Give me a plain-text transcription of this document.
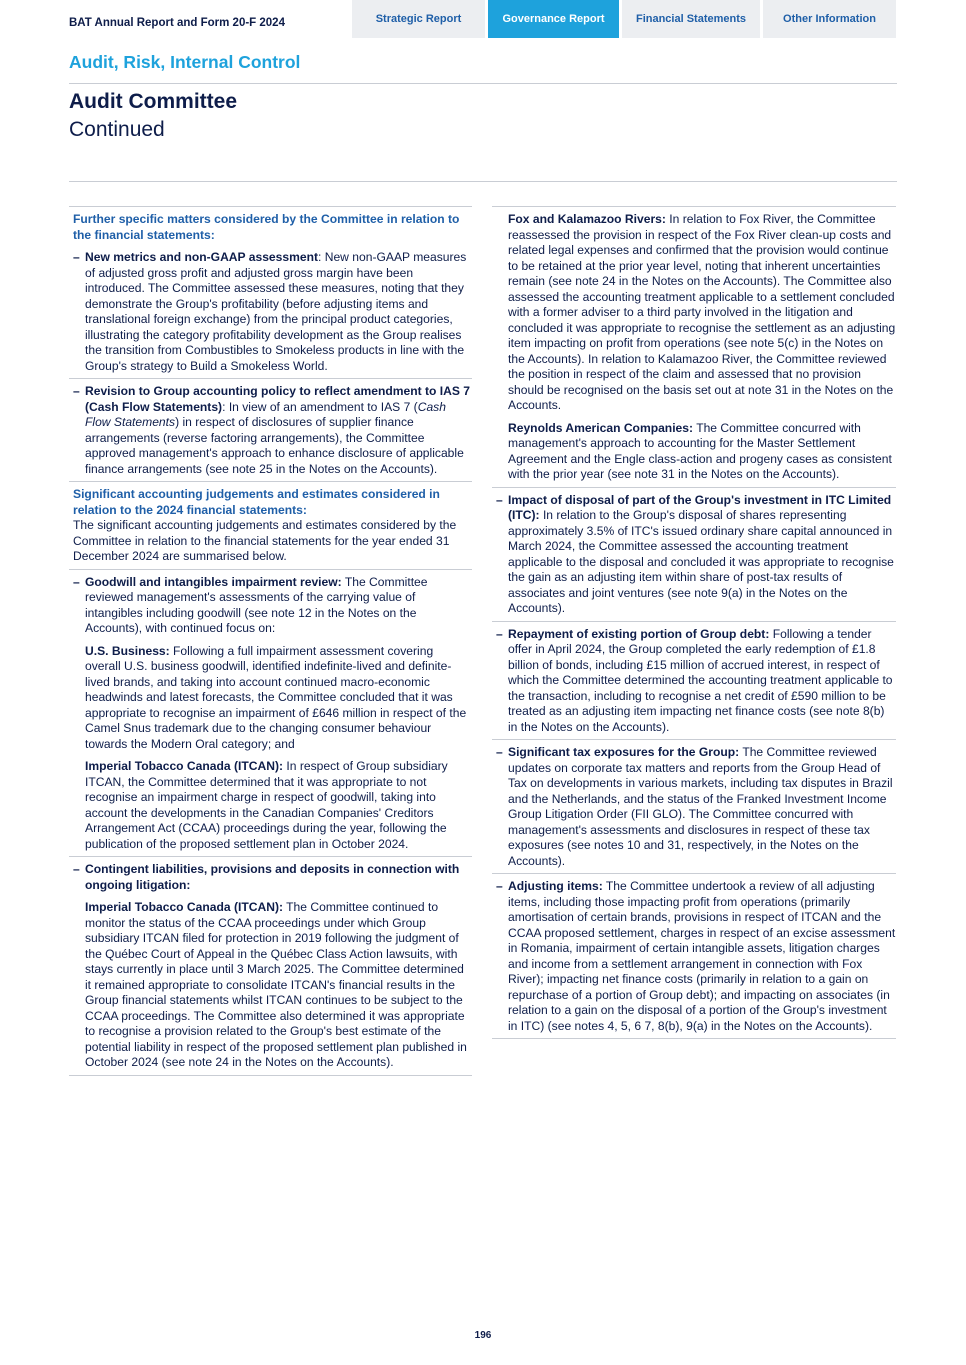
BAT Annual Report and Form 20-F 2024	Strategic Report	Governance Report	Financial Statements	Other Information
Audit, Risk, Internal Control
Audit Committee
Continued
Further specific matters considered by the Committee in relation to the financial statements:
– New metrics and non-GAAP assessment: New non-GAAP measures of adjusted gross profit and adjusted gross margin have been introduced. The Committee assessed these measures, noting that they demonstrate the Group's profitability (before adjusting items and translational foreign exchange) from the principal product categories, illustrating the category profitability development as the Group realises the transition from Combustibles to Smokeless products in line with the Group's strategy to Build a Smokeless World.
– Revision to Group accounting policy to reflect amendment to IAS 7 (Cash Flow Statements): In view of an amendment to IAS 7 (Cash Flow Statements) in respect of disclosures of supplier finance arrangements (reverse factoring arrangements), the Committee approved management's approach to enhance disclosure of applicable finance arrangements (see note 25 in the Notes on the Accounts).
Significant accounting judgements and estimates considered in relation to the 2024 financial statements:
The significant accounting judgements and estimates considered by the Committee in relation to the financial statements for the year ended 31 December 2024 are summarised below.
– Goodwill and intangibles impairment review: The Committee reviewed management's assessments of the carrying value of intangibles including goodwill (see note 12 in the Notes on the Accounts), with continued focus on:
U.S. Business: Following a full impairment assessment covering overall U.S. business goodwill, identified indefinite-lived and definite-lived brands, and taking into account continued macro-economic headwinds and latest forecasts, the Committee concluded that it was appropriate to recognise an impairment of £646 million in respect of the Camel Snus trademark due to the changing consumer behaviour towards the Modern Oral category; and
Imperial Tobacco Canada (ITCAN): In respect of Group subsidiary ITCAN, the Committee determined that it was appropriate to not recognise an impairment charge in respect of goodwill, taking into account the developments in the Canadian Companies' Creditors Arrangement Act (CCAA) proceedings during the year, following the publication of the proposed settlement plan in October 2024.
– Contingent liabilities, provisions and deposits in connection with ongoing litigation:
Imperial Tobacco Canada (ITCAN): The Committee continued to monitor the status of the CCAA proceedings under which Group subsidiary ITCAN filed for protection in 2019 following the judgment of the Québec Court of Appeal in the Québec Class Action lawsuits, with stays currently in place until 3 March 2025. The Committee determined it remained appropriate to consolidate ITCAN's financial results in the Group financial statements whilst ITCAN continues to be subject to the CCAA proceedings. The Committee also determined it was appropriate to recognise a provision related to the Group's best estimate of the potential liability in respect of the proposed settlement plan published in October 2024 (see note 24 in the Notes on the Accounts).
Fox and Kalamazoo Rivers: In relation to Fox River, the Committee reassessed the provision in respect of the Fox River clean-up costs and related legal expenses and confirmed that the provision would continue to be retained at the prior year level, noting that inherent uncertainties remain (see note 24 in the Notes on the Accounts). The Committee also assessed the accounting treatment applicable to a settlement concluded with a former adviser to a third party involved in the litigation and concluded it was appropriate to recognise the settlement as an adjusting item impacting on profit from operations (see note 5(c) in the Notes on the Accounts). In relation to Kalamazoo River, the Committee reviewed the position in respect of the claim and assessed that no provision should be recognised on the basis set out at note 31 in the Notes on the Accounts.
Reynolds American Companies: The Committee concurred with management's approach to accounting for the Master Settlement Agreement and the Engle class-action and progeny cases as consistent with the prior year (see note 31 in the Notes on the Accounts).
– Impact of disposal of part of the Group's investment in ITC Limited (ITC): In relation to the Group's disposal of shares representing approximately 3.5% of ITC's issued ordinary share capital announced in March 2024, the Committee assessed the accounting treatment applicable to the disposal and concluded it was appropriate to recognise the gain as an adjusting item within share of post-tax results of associates and joint ventures (see note 9(a) in the Notes on the Accounts).
– Repayment of existing portion of Group debt: Following a tender offer in April 2024, the Group completed the early redemption of £1.8 billion of bonds, including £15 million of accrued interest, in respect of which the Committee determined the accounting treatment applicable to the transaction, including to recognise a net credit of £590 million to be treated as an adjusting item impacting net finance costs (see note 8(b) in the Notes on the Accounts).
– Significant tax exposures for the Group: The Committee reviewed updates on corporate tax matters and reports from the Group Head of Tax on developments in various markets, including tax disputes in Brazil and the Netherlands, and the status of the Franked Investment Income Group Litigation Order (FII GLO). The Committee concurred with management's assessments and disclosures in respect of these tax exposures (see notes 10 and 31, respectively, in the Notes on the Accounts).
– Adjusting items: The Committee undertook a review of all adjusting items, including those impacting profit from operations (primarily amortisation of certain brands, provisions in respect of ITCAN and the CCAA proposed settlement, charges in respect of an excise assessment in Romania, impairment of certain intangible assets, litigation charges and income from a settlement arrangement in connection with Fox River); impacting net finance costs (primarily in relation to a gain on repurchase of a portion of Group debt); and impacting on associates (in relation to a gain on the disposal of a portion of the Group's investment in ITC) (see notes 4, 5, 6 7, 8(b), 9(a) in the Notes on the Accounts).
196
